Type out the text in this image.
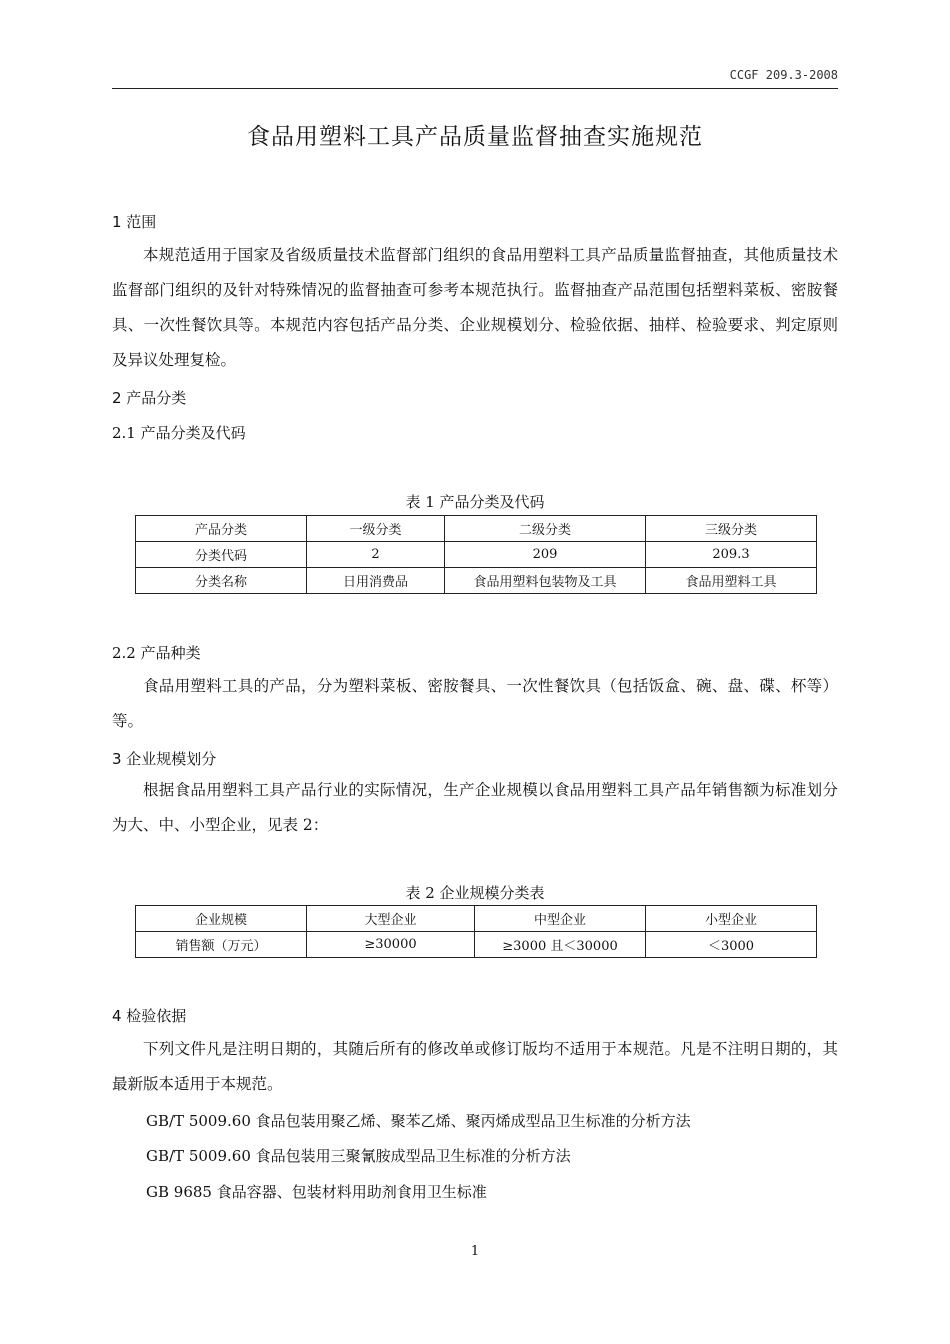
CCGF 209.3-2008
食品用塑料工具产品质量监督抽查实施规范
1 范围

本规范适用于国家及省级质量技术监督部门组织的食品用塑料工具产品质量监督抽查，其他质量技术监督部门组织的及针对特殊情况的监督抽查可参考本规范执行。监督抽查产品范围包括塑料菜板、密胺餐具、一次性餐饮具等。本规范内容包括产品分类、企业规模划分、检验依据、抽样、检验要求、判定原则及异议处理复检。

2 产品分类
2.1 产品分类及代码
表 1 产品分类及代码
产品分类	一级分类	二级分类	三级分类
分类代码	2	209	209.3
分类名称	日用消费品	食品用塑料包装物及工具	食品用塑料工具
2.2 产品种类

食品用塑料工具的产品，分为塑料菜板、密胺餐具、一次性餐饮具（包括饭盒、碗、盘、碟、杯等）等。

3 企业规模划分

根据食品用塑料工具产品行业的实际情况，生产企业规模以食品用塑料工具产品年销售额为标准划分为大、中、小型企业，见表 2：

表 2 企业规模分类表
企业规模	大型企业	中型企业	小型企业
销售额（万元）	≥30000	≥3000 且＜30000	＜3000
4 检验依据

下列文件凡是注明日期的，其随后所有的修改单或修订版均不适用于本规范。凡是不注明日期的，其最新版本适用于本规范。

GB/T 5009.60 食品包装用聚乙烯、聚苯乙烯、聚丙烯成型品卫生标准的分析方法
GB/T 5009.60 食品包装用三聚氰胺成型品卫生标准的分析方法
GB 9685 食品容器、包装材料用助剂食用卫生标准
1
